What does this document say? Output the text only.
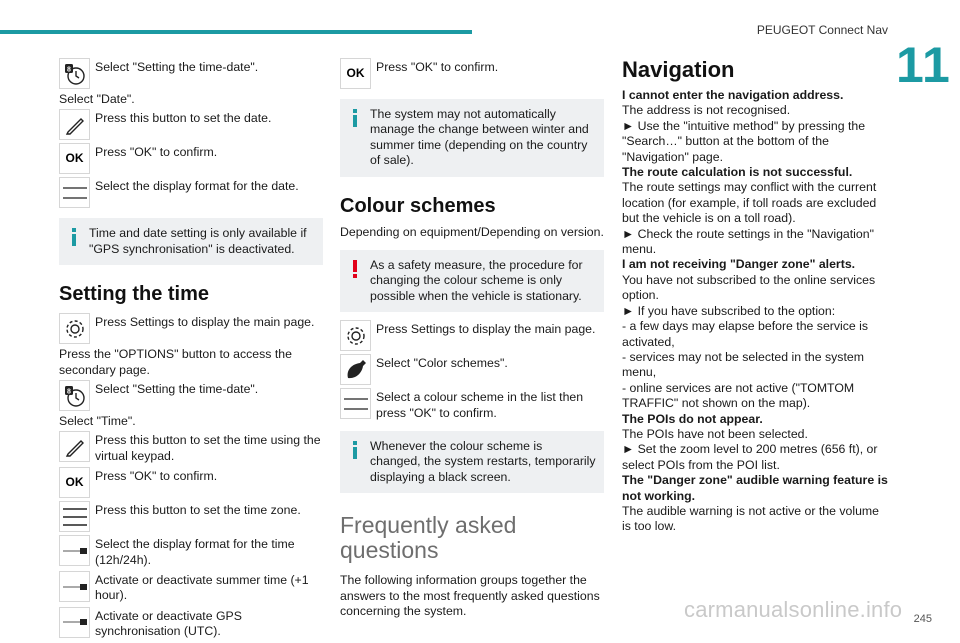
PEUGEOT Connect Nav
11
8 Select "Setting the time-date".
Select "Date".
Press this button to set the date.
OK Press "OK" to confirm.
Select the display format for the date.
Time and date setting is only available if "GPS synchronisation" is deactivated.
Setting the time
Press Settings to display the main page.
Press the "OPTIONS" button to access the secondary page.
8 Select "Setting the time-date".
Select "Time".
Press this button to set the time using the virtual keypad.
OK Press "OK" to confirm.
Press this button to set the time zone.
Select the display format for the time (12h/24h).
Activate or deactivate summer time (+1 hour).
Activate or deactivate GPS synchronisation (UTC).
OK Press "OK" to confirm.
The system may not automatically manage the change between winter and summer time (depending on the country of sale).
Colour schemes
Depending on equipment/Depending on version.
As a safety measure, the procedure for changing the colour scheme is only possible when the vehicle is stationary.
Press Settings to display the main page.
Select "Color schemes".
Select a colour scheme in the list then press "OK" to confirm.
Whenever the colour scheme is changed, the system restarts, temporarily displaying a black screen.
Frequently asked questions
The following information groups together the answers to the most frequently asked questions concerning the system.
Navigation

I cannot enter the navigation address.

The address is not recognised.

► Use the "intuitive method" by pressing the "Search…" button at the bottom of the "Navigation" page.

The route calculation is not successful.

The route settings may conflict with the current location (for example, if toll roads are excluded but the vehicle is on a toll road).

► Check the route settings in the "Navigation" menu.

I am not receiving "Danger zone" alerts.

You have not subscribed to the online services option.

► If you have subscribed to the option:

- a few days may elapse before the service is activated,

- services may not be selected in the system menu,

- online services are not active ("TOMTOM TRAFFIC" not shown on the map).

The POIs do not appear.

The POIs have not been selected.

► Set the zoom level to 200 metres (656 ft), or select POIs from the POI list.

The "Danger zone" audible warning feature is not working.

The audible warning is not active or the volume is too low.

245
carmanualsonline.info
